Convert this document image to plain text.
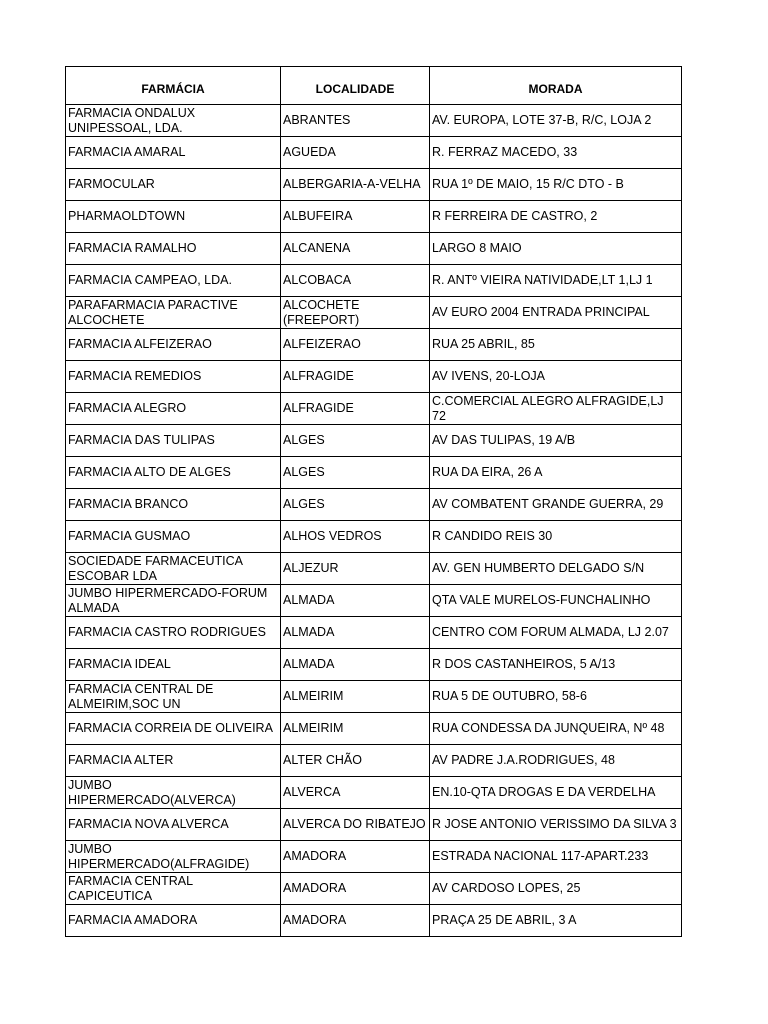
FARMÁCIA	LOCALIDADE	MORADA
FARMACIA ONDALUX UNIPESSOAL, LDA.	ABRANTES	AV. EUROPA, LOTE 37-B, R/C, LOJA 2
FARMACIA AMARAL	AGUEDA	R. FERRAZ MACEDO, 33
FARMOCULAR	ALBERGARIA-A-VELHA	RUA 1º DE MAIO, 15 R/C DTO - B
PHARMAOLDTOWN	ALBUFEIRA	R FERREIRA DE CASTRO, 2
FARMACIA RAMALHO	ALCANENA	LARGO 8 MAIO
FARMACIA CAMPEAO, LDA.	ALCOBACA	R. ANTº VIEIRA NATIVIDADE,LT 1,LJ 1
PARAFARMACIA PARACTIVE ALCOCHETE	ALCOCHETE (FREEPORT)	AV EURO 2004 ENTRADA PRINCIPAL
FARMACIA ALFEIZERAO	ALFEIZERAO	RUA 25 ABRIL, 85
FARMACIA REMEDIOS	ALFRAGIDE	AV IVENS, 20-LOJA
FARMACIA ALEGRO	ALFRAGIDE	C.COMERCIAL ALEGRO ALFRAGIDE,LJ 72
FARMACIA DAS TULIPAS	ALGES	AV DAS TULIPAS, 19 A/B
FARMACIA ALTO DE ALGES	ALGES	RUA DA EIRA, 26 A
FARMACIA BRANCO	ALGES	AV COMBATENT GRANDE GUERRA, 29
FARMACIA GUSMAO	ALHOS VEDROS	R CANDIDO REIS 30
SOCIEDADE FARMACEUTICA ESCOBAR LDA	ALJEZUR	AV. GEN HUMBERTO DELGADO S/N
JUMBO HIPERMERCADO-FORUM ALMADA	ALMADA	QTA VALE MURELOS-FUNCHALINHO
FARMACIA CASTRO RODRIGUES	ALMADA	CENTRO COM FORUM ALMADA, LJ 2.07
FARMACIA IDEAL	ALMADA	R DOS CASTANHEIROS, 5 A/13
FARMACIA CENTRAL DE ALMEIRIM,SOC UN	ALMEIRIM	RUA 5 DE OUTUBRO, 58-6
FARMACIA CORREIA DE OLIVEIRA	ALMEIRIM	RUA CONDESSA DA JUNQUEIRA, Nº 48
FARMACIA ALTER	ALTER CHÃO	AV PADRE J.A.RODRIGUES, 48
JUMBO HIPERMERCADO(ALVERCA)	ALVERCA	EN.10-QTA DROGAS E DA VERDELHA
FARMACIA NOVA ALVERCA	ALVERCA DO RIBATEJO	R JOSE ANTONIO VERISSIMO DA SILVA 3
JUMBO HIPERMERCADO(ALFRAGIDE)	AMADORA	ESTRADA NACIONAL 117-APART.233
FARMACIA CENTRAL CAPICEUTICA	AMADORA	AV CARDOSO LOPES, 25
FARMACIA AMADORA	AMADORA	PRAÇA 25 DE ABRIL, 3 A
